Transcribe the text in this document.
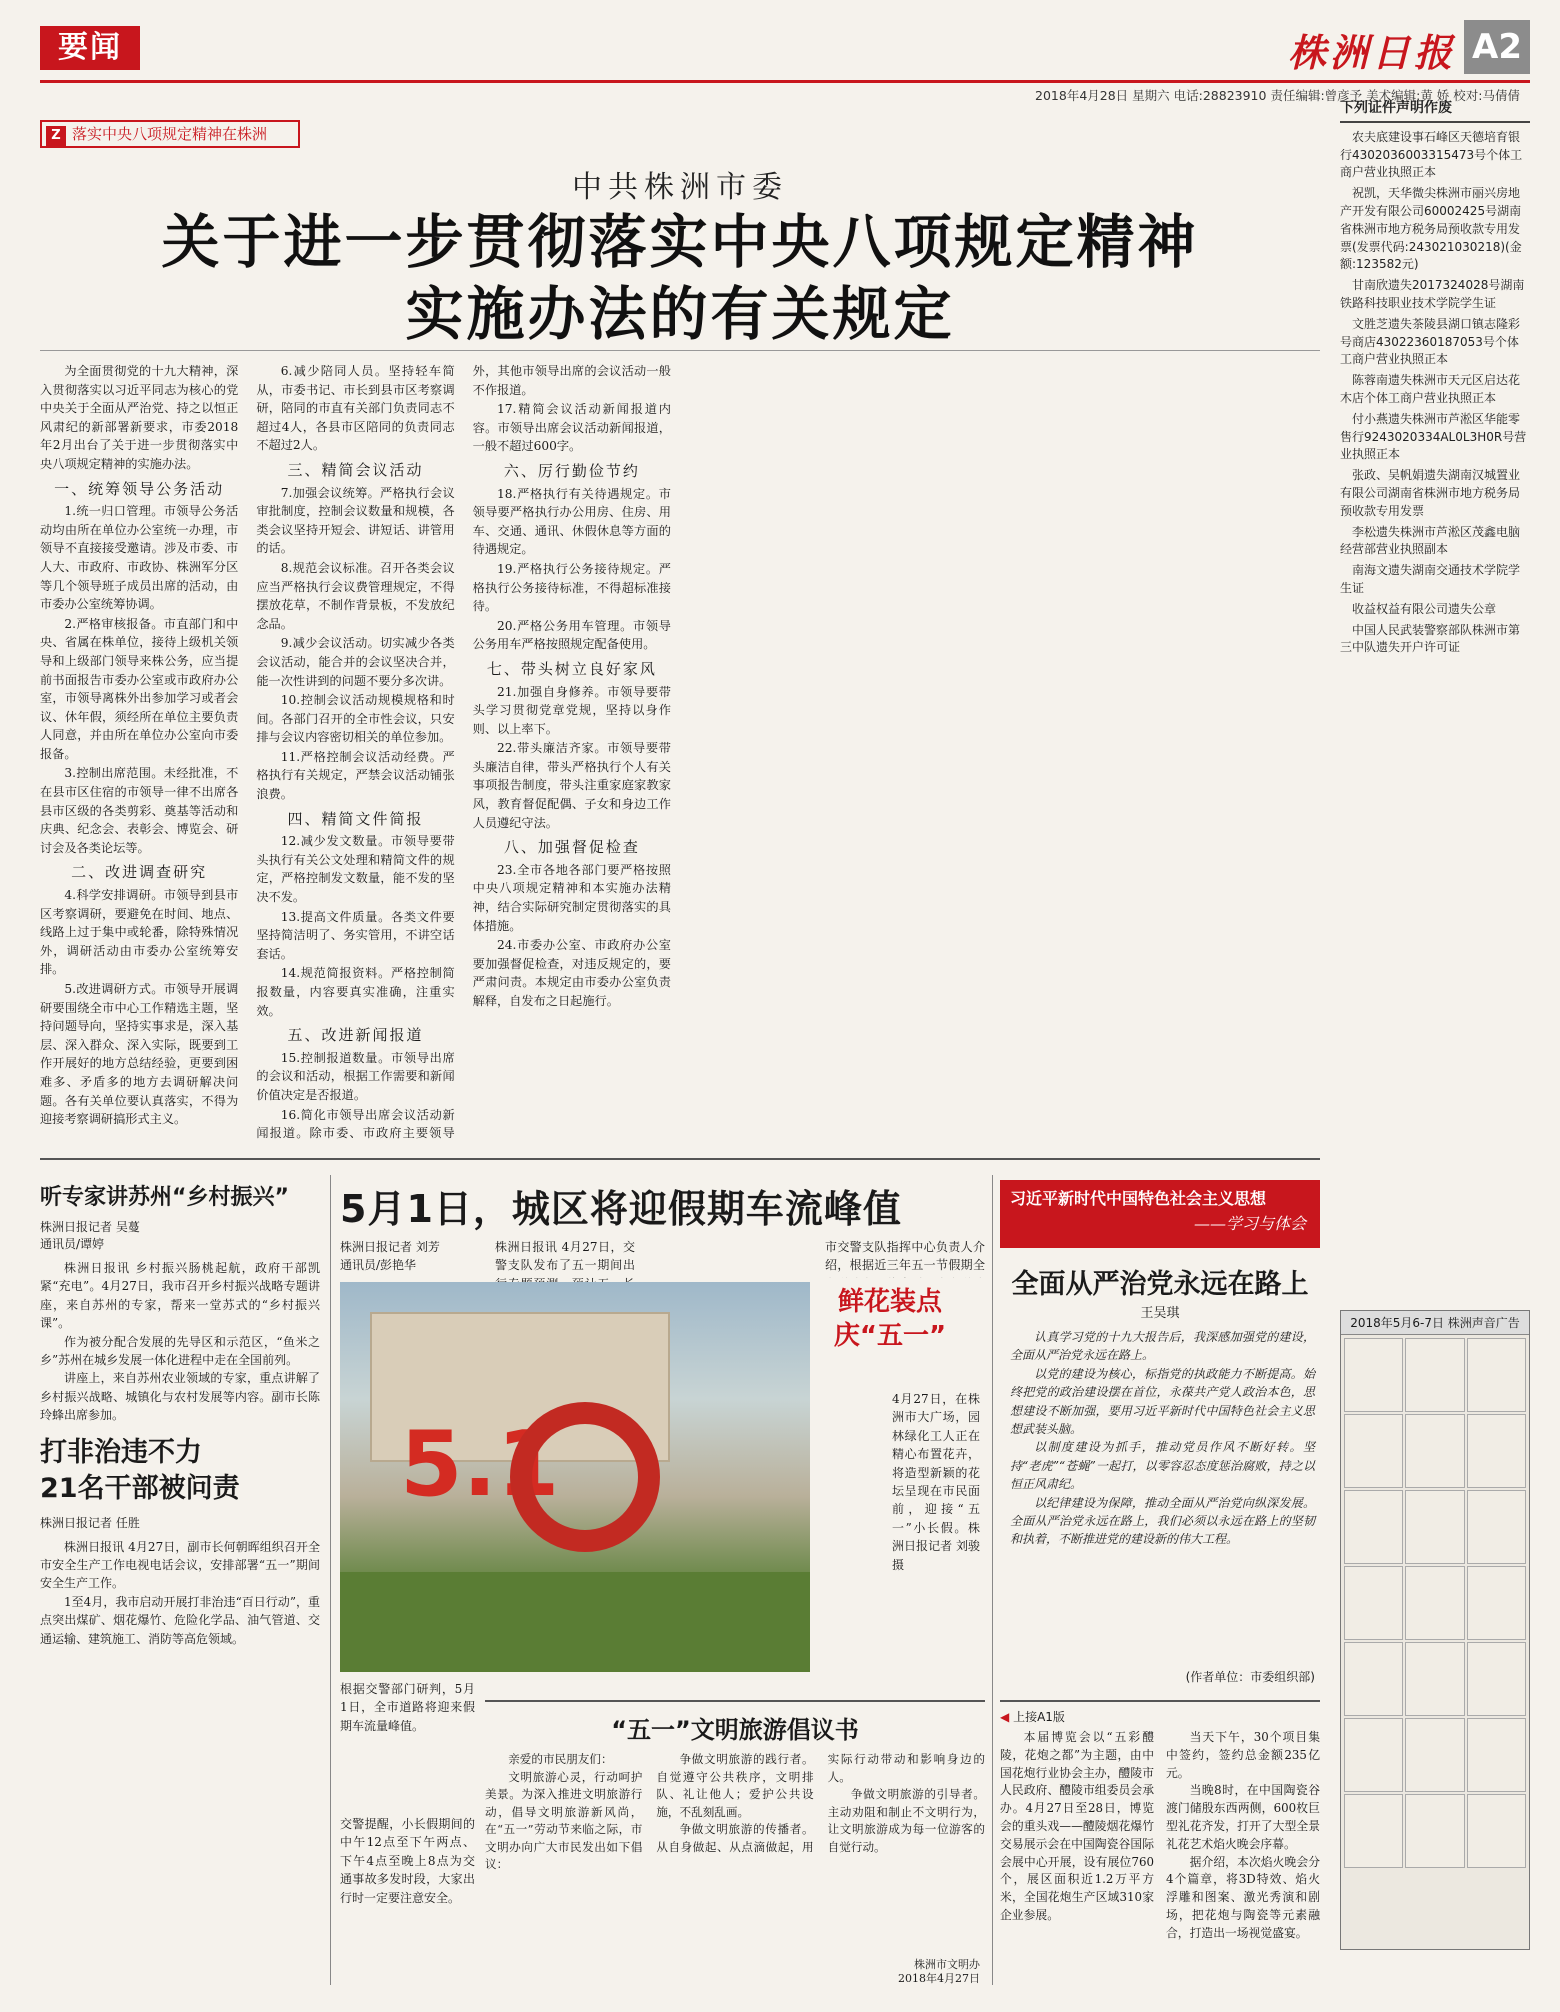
要闻	株洲日报 A2
2018年4月28日 星期六 电话:28823910 责任编辑:曾彦予 美术编辑:黄 娇 校对:马倩倩
Z 落实中央八项规定精神在株洲
中共株洲市委
关于进一步贯彻落实中央八项规定精神
实施办法的有关规定

为全面贯彻党的十九大精神，深入贯彻落实以习近平同志为核心的党中央关于全面从严治党、持之以恒正风肃纪的新部署新要求，市委2018年2月出台了关于进一步贯彻落实中央八项规定精神的实施办法。

一、统筹领导公务活动

1.统一归口管理。市领导公务活动均由所在单位办公室统一办理，市领导不直接接受邀请。涉及市委、市人大、市政府、市政协、株洲军分区等几个领导班子成员出席的活动，由市委办公室统筹协调。

2.严格审核报备。市直部门和中央、省属在株单位，接待上级机关领导和上级部门领导来株公务，应当提前书面报告市委办公室或市政府办公室，市领导离株外出参加学习或者会议、休年假，须经所在单位主要负责人同意，并由所在单位办公室向市委报备。

3.控制出席范围。未经批准，不在县市区住宿的市领导一律不出席各县市区级的各类剪彩、奠基等活动和庆典、纪念会、表彰会、博览会、研讨会及各类论坛等。

二、改进调查研究

4.科学安排调研。市领导到县市区考察调研，要避免在时间、地点、线路上过于集中或轮番，除特殊情况外，调研活动由市委办公室统筹安排。

5.改进调研方式。市领导开展调研要围绕全市中心工作精选主题，坚持问题导向，坚持实事求是，深入基层、深入群众、深入实际，既要到工作开展好的地方总结经验，更要到困难多、矛盾多的地方去调研解决问题。各有关单位要认真落实，不得为迎接考察调研搞形式主义。

6.减少陪同人员。坚持轻车简从，市委书记、市长到县市区考察调研，陪同的市直有关部门负责同志不超过4人，各县市区陪同的负责同志不超过2人。

三、精简会议活动

7.加强会议统筹。严格执行会议审批制度，控制会议数量和规模，各类会议坚持开短会、讲短话、讲管用的话。

8.规范会议标准。召开各类会议应当严格执行会议费管理规定，不得摆放花草，不制作背景板，不发放纪念品。

9.减少会议活动。切实减少各类会议活动，能合并的会议坚决合并，能一次性讲到的问题不要分多次讲。

10.控制会议活动规模规格和时间。各部门召开的全市性会议，只安排与会议内容密切相关的单位参加。

11.严格控制会议活动经费。严格执行有关规定，严禁会议活动铺张浪费。

四、精简文件简报

12.减少发文数量。市领导要带头执行有关公文处理和精简文件的规定，严格控制发文数量，能不发的坚决不发。

13.提高文件质量。各类文件要坚持简洁明了、务实管用，不讲空话套话。

14.规范简报资料。严格控制简报数量，内容要真实准确，注重实效。

五、改进新闻报道

15.控制报道数量。市领导出席的会议和活动，根据工作需要和新闻价值决定是否报道。

16.简化市领导出席会议活动新闻报道。除市委、市政府主要领导外，其他市领导出席的会议活动一般不作报道。

17.精简会议活动新闻报道内容。市领导出席会议活动新闻报道，一般不超过600字。

六、厉行勤俭节约

18.严格执行有关待遇规定。市领导要严格执行办公用房、住房、用车、交通、通讯、休假休息等方面的待遇规定。

19.严格执行公务接待规定。严格执行公务接待标准，不得超标准接待。

20.严格公务用车管理。市领导公务用车严格按照规定配备使用。

七、带头树立良好家风

21.加强自身修养。市领导要带头学习贯彻党章党规，坚持以身作则、以上率下。

22.带头廉洁齐家。市领导要带头廉洁自律，带头严格执行个人有关事项报告制度，带头注重家庭家教家风，教育督促配偶、子女和身边工作人员遵纪守法。

八、加强督促检查

23.全市各地各部门要严格按照中央八项规定精神和本实施办法精神，结合实际研究制定贯彻落实的具体措施。

24.市委办公室、市政府办公室要加强督促检查，对违反规定的，要严肃问责。本规定由市委办公室负责解释，自发布之日起施行。

下列证件声明作废

农夫底建设事石峰区天德培育银行4302036003315473号个体工商户营业执照正本

祝凯，天华微尖株洲市丽兴房地产开发有限公司60002425号湖南省株洲市地方税务局预收款专用发票(发票代码:243021030218)(金额:123582元)

甘南欣遗失2017324028号湖南铁路科技职业技术学院学生证

文胜芝遗失茶陵县湖口镇志隆彩号商店43022360187053号个体工商户营业执照正本

陈蓉南遗失株洲市天元区启达花木店个体工商户营业执照正本

付小燕遗失株洲市芦淞区华能零售行9243020334AL0L3H0R号营业执照正本

张政、吴帆娟遗失湖南汉城置业有限公司湖南省株洲市地方税务局预收款专用发票

李松遗失株洲市芦淞区茂鑫电脑经营部营业执照副本

南海文遗失湖南交通技术学院学生证

收益权益有限公司遗失公章

中国人民武装警察部队株洲市第三中队遗失开户许可证

2018年5月6-7日 株洲声音广告
听专家讲苏州“乡村振兴”
株洲日报记者 吴蔓
通讯员/谭婷

株洲日报讯 乡村振兴肠桃起航，政府干部凯紧“充电”。4月27日，我市召开乡村振兴战略专题讲座，来自苏州的专家，帮来一堂苏式的“乡村振兴课”。

作为被分配合发展的先导区和示范区，“鱼米之乡”苏州在城乡发展一体化进程中走在全国前列。

讲座上，来自苏州农业领域的专家，重点讲解了乡村振兴战略、城镇化与农村发展等内容。副市长陈玲蜂出席参加。

打非治违不力
21名干部被问责
株洲日报记者 任胜

株洲日报讯 4月27日，副市长何朝晖组织召开全市安全生产工作电视电话会议，安排部署“五一”期间安全生产工作。

1至4月，我市启动开展打非治违“百日行动”，重点突出煤矿、烟花爆竹、危险化学品、油气管道、交通运输、建筑施工、消防等高危领域。

5月1日，城区将迎假期车流峰值
株洲日报记者 刘芳
通讯员/彭艳华
株洲日报讯 4月27日，交警支队发布了五一期间出
5.1
鲜花装点
庆“五一”
4月27日，在株洲市大广场，园林绿化工人正在精心布置花卉，将造型新颖的花坛呈现在市民面前，迎接“五一”小长假。株洲日报记者 刘骏 摄
市交警支队指挥中心负责人介绍，根据近三年五一节假期全
根据交警部门研判，5月1日，全市道路将迎来假期车流量峰值。
交警提醒，小长假期间的中午12点至下午两点、下午4点至晚上8点为交通事故多发时段，大家出行时一定要注意安全。
“五一”文明旅游倡议书

亲爱的市民朋友们：

文明旅游心灵，行动呵护美景。为深入推进文明旅游行动，倡导文明旅游新风尚，在“五一”劳动节来临之际，市文明办向广大市民发出如下倡议：

争做文明旅游的践行者。自觉遵守公共秩序，文明排队、礼让他人；爱护公共设施，不乱刻乱画。

争做文明旅游的传播者。从自身做起、从点滴做起，用实际行动带动和影响身边的人。

争做文明旅游的引导者。主动劝阻和制止不文明行为，让文明旅游成为每一位游客的自觉行动。

株洲市文明办
2018年4月27日
习近平新时代中国特色社会主义思想
——学习与体会
全面从严治党永远在路上
王吴琪

认真学习党的十九大报告后，我深感加强党的建设，全面从严治党永远在路上。

以党的建设为核心，标指党的执政能力不断提高。始终把党的政治建设摆在首位，永葆共产党人政治本色，思想建设不断加强，要用习近平新时代中国特色社会主义思想武装头脑。

以制度建设为抓手，推动党员作风不断好转。坚持“老虎”“苍蝇”一起打，以零容忍态度惩治腐败，持之以恒正风肃纪。

以纪律建设为保障，推动全面从严治党向纵深发展。全面从严治党永远在路上，我们必须以永远在路上的坚韧和执着，不断推进党的建设新的伟大工程。

(作者单位：市委组织部)
◀ 上接A1版

本届博览会以“五彩醴陵，花炮之都”为主题，由中国花炮行业协会主办，醴陵市人民政府、醴陵市组委员会承办。4月27日至28日，博览会的重头戏——醴陵烟花爆竹交易展示会在中国陶瓷谷国际会展中心开展，设有展位760个，展区面积近1.2万平方米，全国花炮生产区域310家企业参展。

当天下午，30个项目集中签约，签约总金额235亿元。

当晚8时，在中国陶瓷谷渡门储殷东西两侧，600枚巨型礼花齐发，打开了大型全景礼花艺术焰火晚会序幕。

据介绍，本次焰火晚会分4个篇章，将3D特效、焰火浮雕和图案、激光秀演和剧场，把花炮与陶瓷等元素融合，打造出一场视觉盛宴。
